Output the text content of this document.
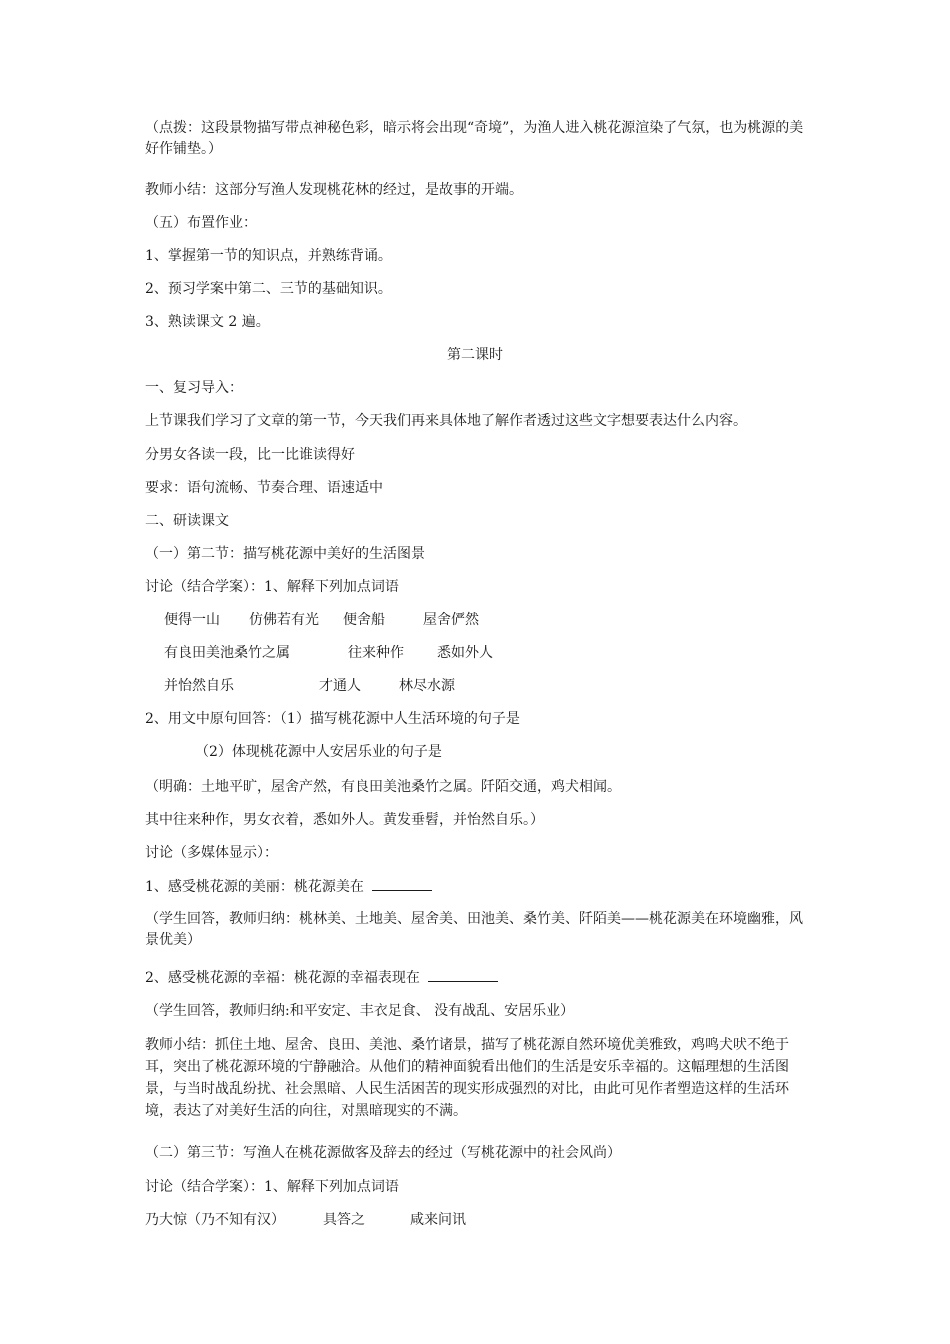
（点拨：这段景物描写带点神秘色彩，暗示将会出现“奇境”，为渔人进入桃花源渲染了气氛，也为桃源的美好作铺垫。）
教师小结：这部分写渔人发现桃花林的经过，是故事的开端。
（五）布置作业：
1、掌握第一节的知识点，并熟练背诵。
2、预习学案中第二、三节的基础知识。
3、熟读课文 2 遍。
第二课时
一、复习导入：
上节课我们学习了文章的第一节，今天我们再来具体地了解作者透过这些文字想要表达什么内容。
分男女各读一段，比一比谁读得好
要求：语句流畅、节奏合理、语速适中
二、研读课文
（一）第二节：描写桃花源中美好的生活图景
讨论（结合学案）：1、解释下列加点词语
便得一山 仿佛若有光 便舍船	屋舍俨然
有良田美池桑竹之属	往来种作 悉如外人
并怡然自乐	才通人	林尽水源
2、用文中原句回答：（1）描写桃花源中人生活环境的句子是
（2）体现桃花源中人安居乐业的句子是
（明确：土地平旷，屋舍产然，有良田美池桑竹之属。阡陌交通，鸡犬相闻。
其中往来种作，男女衣着，悉如外人。黄发垂髫，并怡然自乐。）
讨论（多媒体显示）：
1、感受桃花源的美丽：桃花源美在
（学生回答，教师归纳：桃林美、土地美、屋舍美、田池美、桑竹美、阡陌美——桃花源美在环境幽雅，风景优美）
2、感受桃花源的幸福：桃花源的幸福表现在
（学生回答，教师归纳:和平安定、丰衣足食、 没有战乱、安居乐业）
教师小结：抓住土地、屋舍、良田、美池、桑竹诸景，描写了桃花源自然环境优美雅致，鸡鸣犬吠不绝于耳，突出了桃花源环境的宁静融洽。从他们的精神面貌看出他们的生活是安乐幸福的。这幅理想的生活图景，与当时战乱纷扰、社会黑暗、人民生活困苦的现实形成强烈的对比，由此可见作者塑造这样的生活环境，表达了对美好生活的向往，对黑暗现实的不满。
（二）第三节：写渔人在桃花源做客及辞去的经过（写桃花源中的社会风尚）
讨论（结合学案）：1、解释下列加点词语
乃大惊（乃不知有汉）	具答之	咸来问讯
